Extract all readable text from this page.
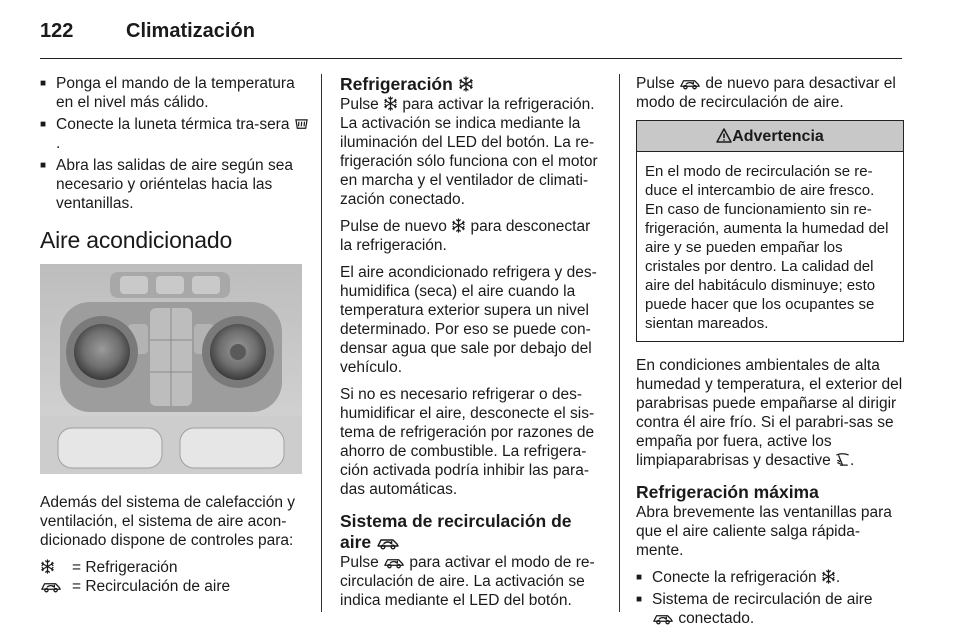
122	Climatización
■ Ponga el mando de la temperatura en el nivel más cálido.
■ Conecte la luneta térmica tra-sera .
■ Abra las salidas de aire según sea necesario y oriéntelas hacia las ventanillas.
Aire acondicionado

Además del sistema de calefacción y ventilación, el sistema de aire acon-dicionado dispone de controles para:

= Refrigeración
= Recirculación de aire
Refrigeración

Pulse para activar la refrigeración. La activación se indica mediante la iluminación del LED del botón. La re-frigeración sólo funciona con el motor en marcha y el ventilador de climati-zación conectado.

Pulse de nuevo para desconectar la refrigeración.

El aire acondicionado refrigera y des-humidifica (seca) el aire cuando la temperatura exterior supera un nivel determinado. Por eso se puede con-densar agua que sale por debajo del vehículo.

Si no es necesario refrigerar o des-humidificar el aire, desconecte el sis-tema de refrigeración por razones de ahorro de combustible. La refrigera-ción activada podría inhibir las para-das automáticas.

Sistema de recirculación de aire

Pulse para activar el modo de re-circulación de aire. La activación se indica mediante el LED del botón.

Pulse de nuevo para desactivar el modo de recirculación de aire.

Advertencia
En el modo de recirculación se re-duce el intercambio de aire fresco. En caso de funcionamiento sin re-frigeración, aumenta la humedad del aire y se pueden empañar los cristales por dentro. La calidad del aire del habitáculo disminuye; esto puede hacer que los ocupantes se sientan mareados.

En condiciones ambientales de alta humedad y temperatura, el exterior del parabrisas puede empañarse al dirigir contra él aire frío. Si el parabri-sas se empaña por fuera, active los limpiaparabrisas y desactive .

Refrigeración máxima

Abra brevemente las ventanillas para que el aire caliente salga rápida-mente.

■ Conecte la refrigeración .
■ Sistema de recirculación de aire
conectado.
